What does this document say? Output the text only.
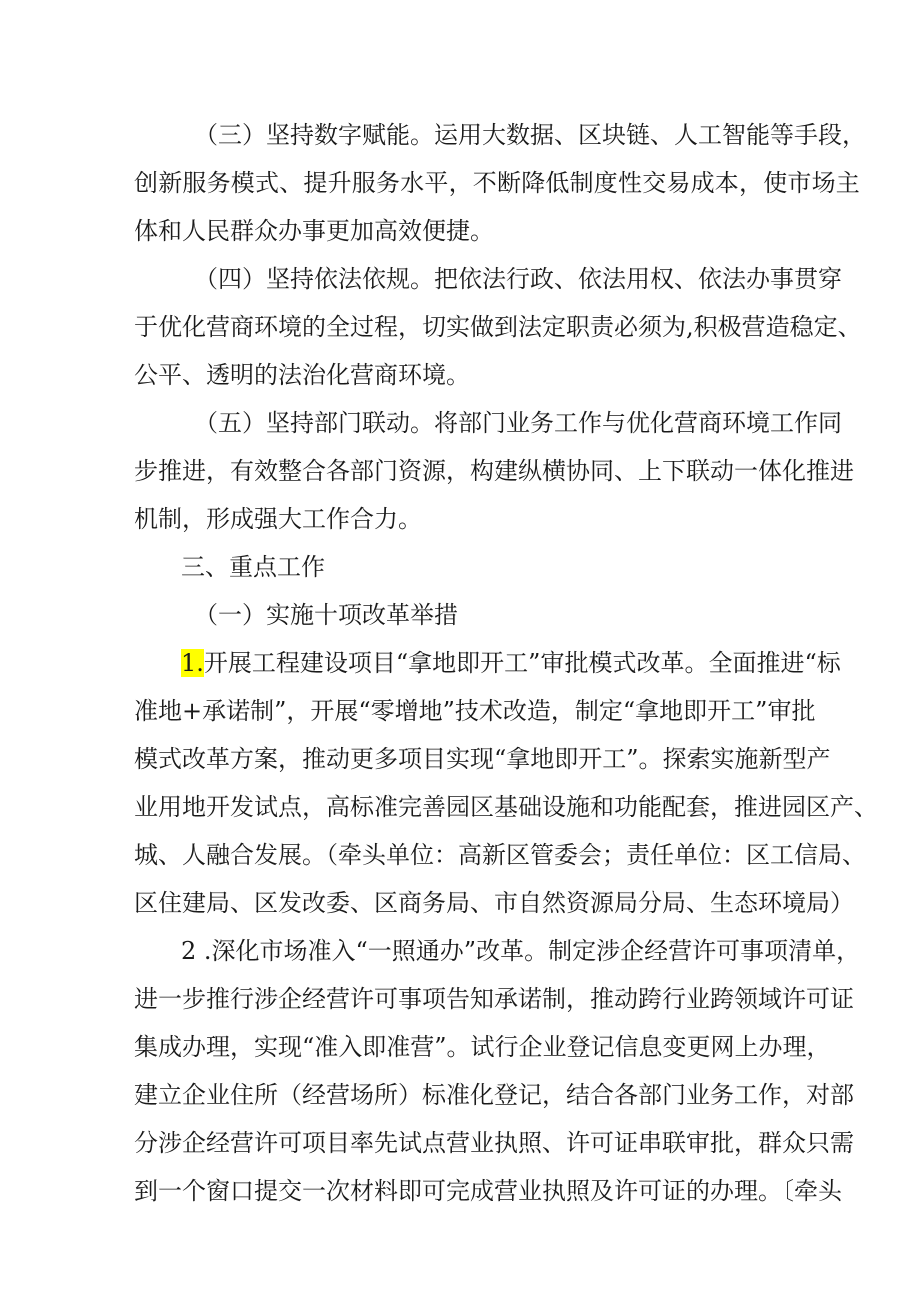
（三）坚持数字赋能。运用大数据、区块链、人工智能等手段，
创新服务模式、提升服务水平，不断降低制度性交易成本，使市场主
体和人民群众办事更加高效便捷。
（四）坚持依法依规。把依法行政、依法用权、依法办事贯穿
于优化营商环境的全过程，切实做到法定职责必须为,积极营造稳定、
公平、透明的法治化营商环境。
（五）坚持部门联动。将部门业务工作与优化营商环境工作同
步推进，有效整合各部门资源，构建纵横协同、上下联动一体化推进
机制，形成强大工作合力。
三、重点工作
（一）实施十项改革举措
1.开展工程建设项目“拿地即开工”审批模式改革。全面推进“标
准地+承诺制”，开展“零增地”技术改造，制定“拿地即开工”审批
模式改革方案，推动更多项目实现“拿地即开工”。探索实施新型产
业用地开发试点，高标准完善园区基础设施和功能配套，推进园区产、
城、人融合发展。（牵头单位：高新区管委会；责任单位：区工信局、
区住建局、区发改委、区商务局、市自然资源局分局、生态环境局）
2 .深化市场准入“一照通办”改革。制定涉企经营许可事项清单，
进一步推行涉企经营许可事项告知承诺制，推动跨行业跨领域许可证
集成办理，实现“准入即准营”。试行企业登记信息变更网上办理，
建立企业住所（经营场所）标准化登记，结合各部门业务工作，对部
分涉企经营许可项目率先试点营业执照、许可证串联审批，群众只需
到一个窗口提交一次材料即可完成营业执照及许可证的办理。〔牵头
